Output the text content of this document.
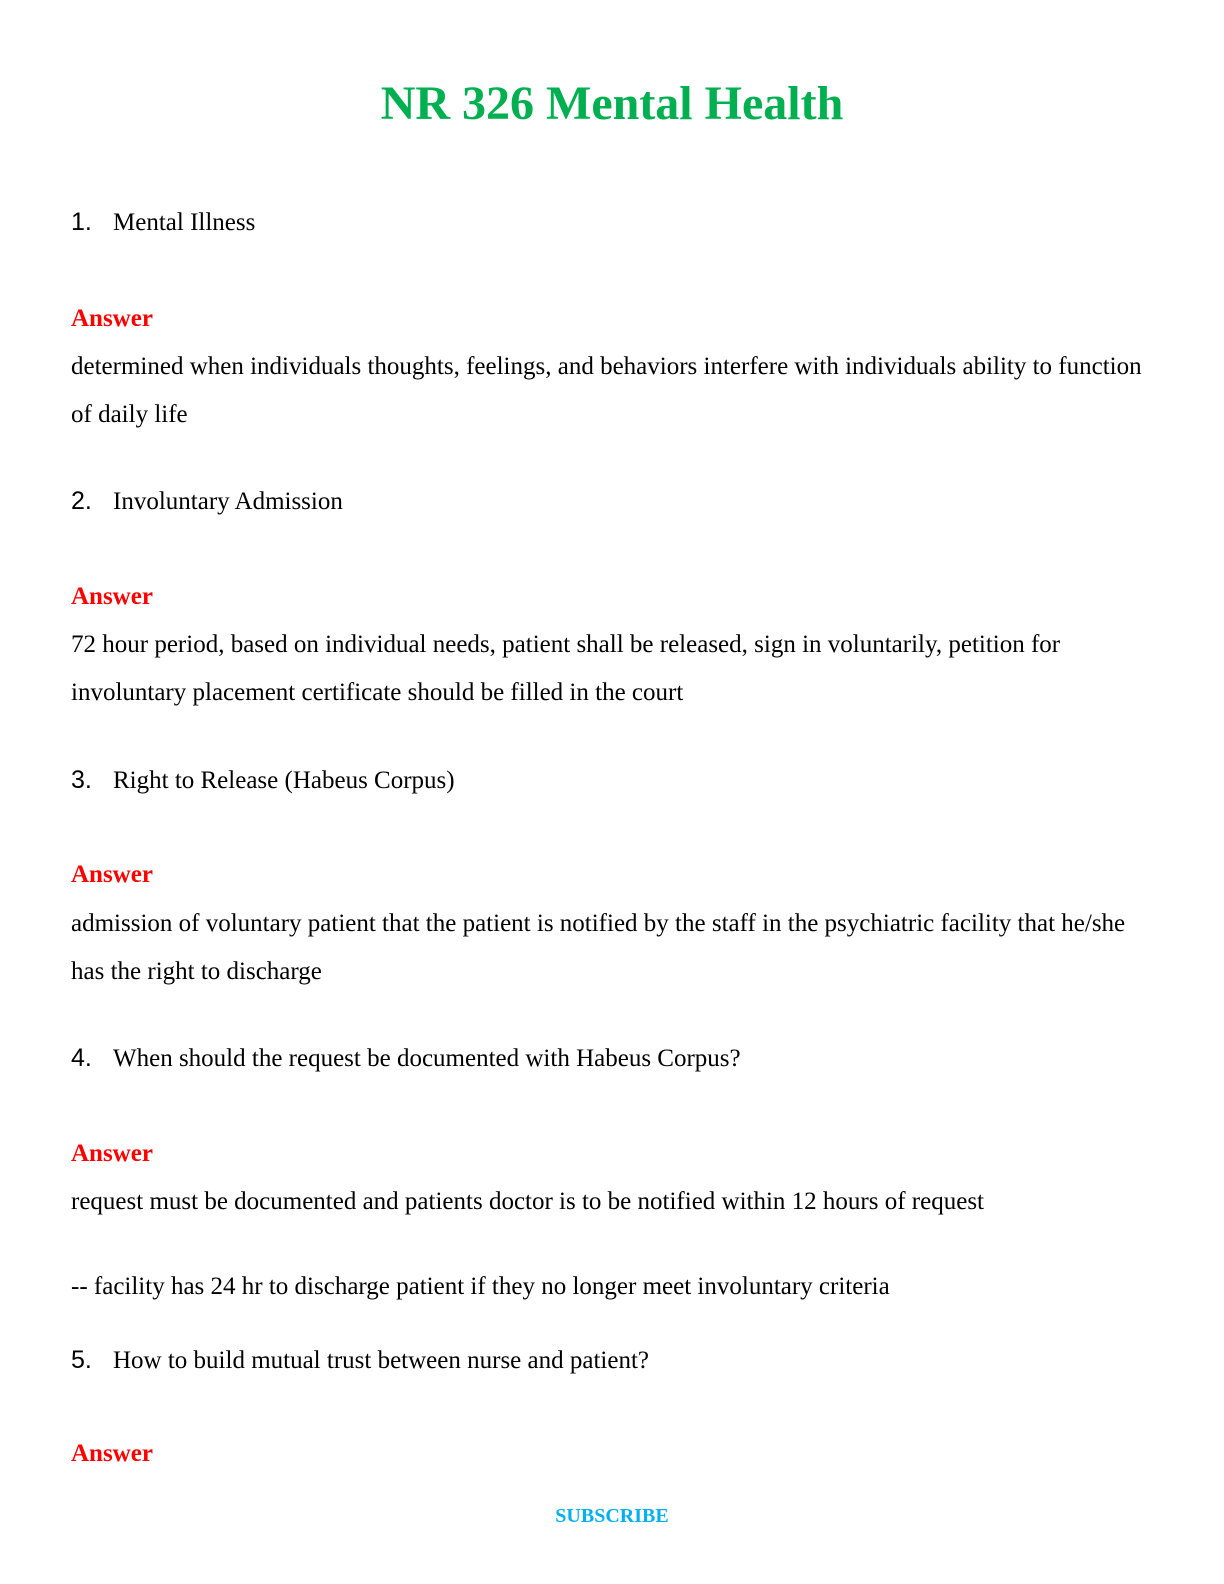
NR 326 Mental Health
1. Mental Illness
Answer

determined when individuals thoughts, feelings, and behaviors interfere with individuals ability to function of daily life

2. Involuntary Admission
Answer

72 hour period, based on individual needs, patient shall be released, sign in voluntarily, petition for involuntary placement certificate should be filled in the court

3. Right to Release (Habeus Corpus)
Answer

admission of voluntary patient that the patient is notified by the staff in the psychiatric facility that he/she has the right to discharge

4. When should the request be documented with Habeus Corpus?
Answer

request must be documented and patients doctor is to be notified within 12 hours of request

-- facility has 24 hr to discharge patient if they no longer meet involuntary criteria
5. How to build mutual trust between nurse and patient?
Answer
SUBSCRIBE
